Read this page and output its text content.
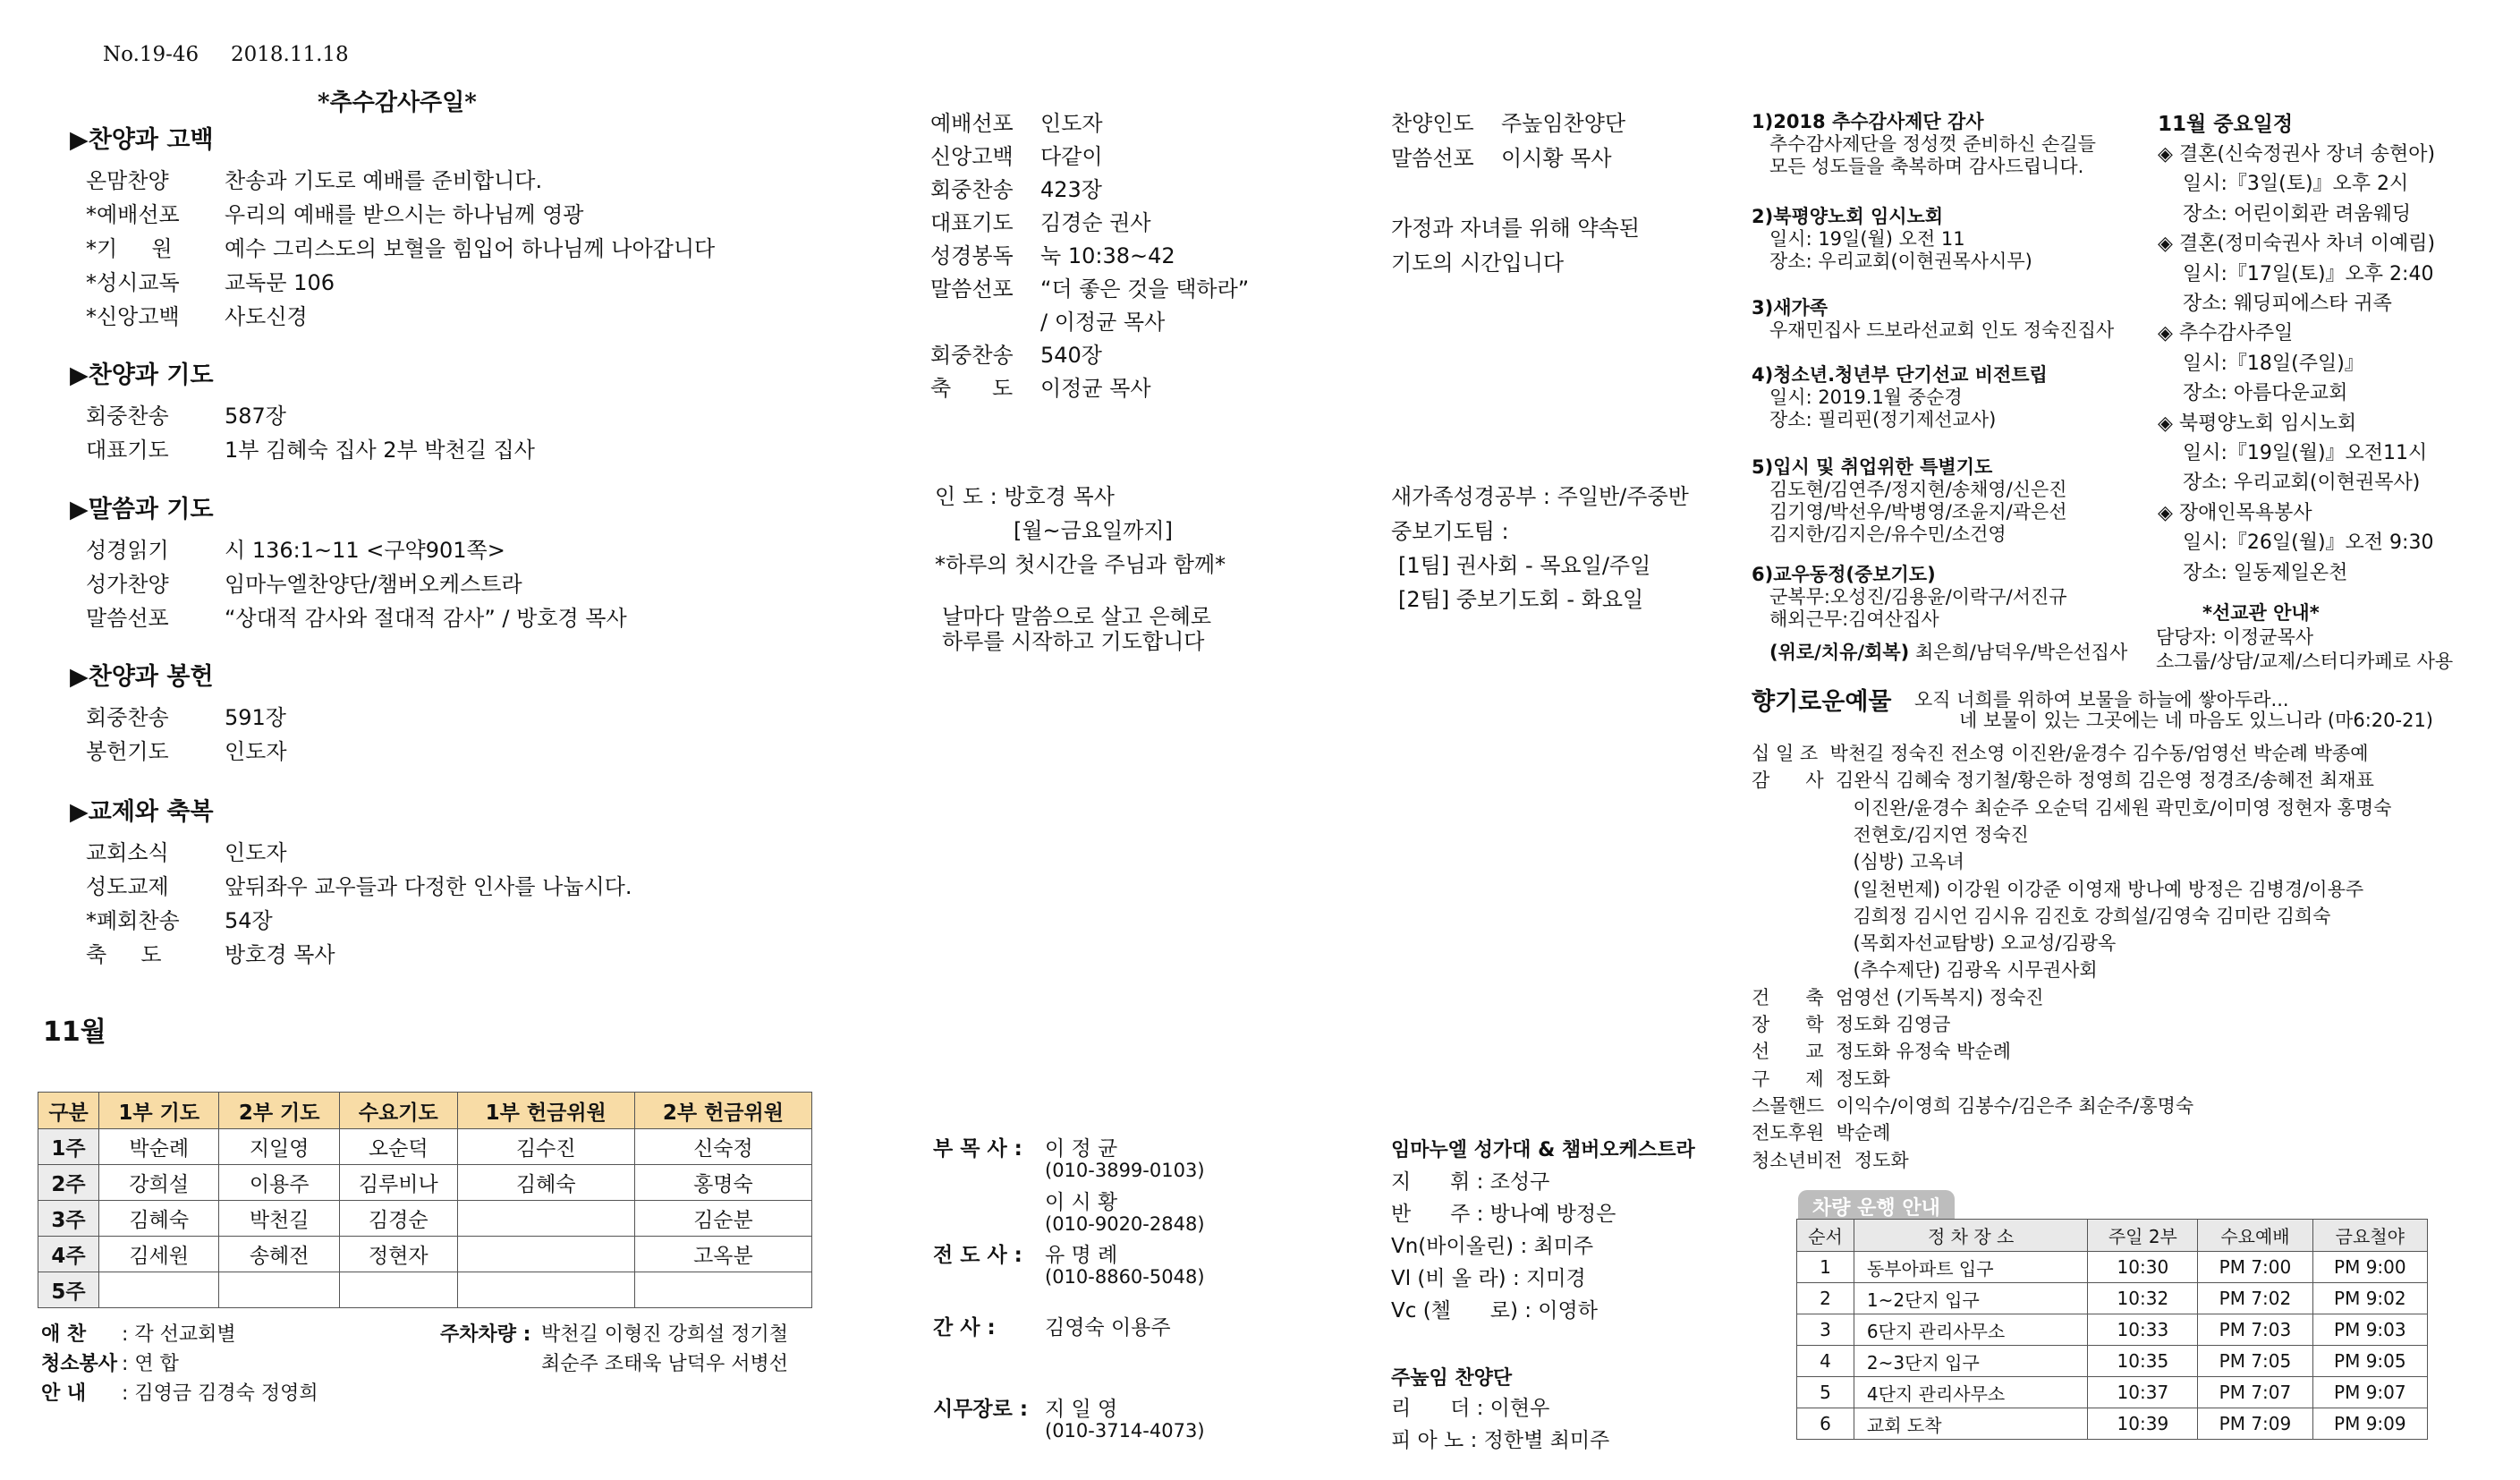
No.19-46 2018.11.18
*추수감사주일*
▶찬양과 고백
온맘찬양	찬송과 기도로 예배를 준비합니다.
*예배선포	우리의 예배를 받으시는 하나님께 영광
*기     원	예수 그리스도의 보혈을 힘입어 하나님께 나아갑니다
*성시교독	교독문 106
*신앙고백	사도신경
▶찬양과 기도
회중찬송	587장
대표기도	1부 김혜숙 집사 2부 박천길 집사
▶말씀과 기도
성경읽기	시 136:1~11 <구약901쪽>
성가찬양	임마누엘찬양단/챔버오케스트라
말씀선포	“상대적 감사와 절대적 감사” / 방호경 목사
▶찬양과 봉헌
회중찬송	591장
봉헌기도	인도자
▶교제와 축복
교회소식	인도자
성도교제	앞뒤좌우 교우들과 다정한 인사를 나눕시다.
*폐회찬송	54장
축     도	방호경 목사
11월
구분	1부 기도	2부 기도	수요기도	1부 헌금위원	2부 헌금위원
1주	박순례	지일영	오순덕	김수진	신숙정
2주	강희설	이용주	김루비나	김혜숙	홍명숙
3주	김혜숙	박천길	김경순		김순분
4주	김세원	송혜전	정현자		고옥분
5주					
애 찬 : 각 선교회별
청소봉사 : 연 합
안 내 : 김영금 김경숙 정영희
주차차량 : 박천길 이형진 강희설 정기철
최순주 조태욱 남덕우 서병선
예배선포	인도자
신앙고백	다같이
회중찬송	423장
대표기도	김경순 권사
성경봉독	눅 10:38~42
말씀선포	“더 좋은 것을 택하라”
/ 이정균 목사
회중찬송	540장
축      도	이정균 목사
인 도 : 방호경 목사
[월~금요일까지]
*하루의 첫시간을 주님과 함께*
날마다 말씀으로 살고 은혜로
하루를 시작하고 기도합니다
부 목 사 : 이 정 균
(010-3899-0103)
이 시 황
(010-9020-2848)
전 도 사 : 유 명 례
(010-8860-5048)
간 사 : 김영숙 이용주
시무장로 : 지 일 영
(010-3714-4073)
찬양인도 주높임찬양단
말씀선포 이시황 목사
가정과 자녀를 위해 약속된
기도의 시간입니다
새가족성경공부 : 주일반/주중반
중보기도팀 :
[1팀] 권사회 - 목요일/주일
[2팀] 중보기도회 - 화요일
임마누엘 성가대 & 챔버오케스트라
지      휘 : 조성구
반      주 : 방나예 방정은
Vn(바이올린) : 최미주
Vl (비 올 라) : 지미경
Vc (첼      로) : 이영하
주높임 찬양단
리      더 : 이현우
피 아 노 : 정한별 최미주
1)2018 추수감사제단 감사
추수감사제단을 정성껏 준비하신 손길들
모든 성도들을 축복하며 감사드립니다.
2)북평양노회 임시노회
일시: 19일(월) 오전 11
장소: 우리교회(이현권목사시무)
3)새가족
우재민집사 드보라선교회 인도 정숙진집사
4)청소년.청년부 단기선교 비전트립
일시: 2019.1월 중순경
장소: 필리핀(정기제선교사)
5)입시 및 취업위한 특별기도
김도현/김연주/정지현/송채영/신은진
김기영/박선우/박병영/조윤지/곽은선
김지한/김지은/유수민/소건영
6)교우동정(중보기도)
군복무:오성진/김용윤/이락구/서진규
해외근무:김여산집사
(위로/치유/회복) 최은희/남덕우/박은선집사
11월 중요일정
◈ 결혼(신숙정권사 장녀 송현아)
일시:『3일(토)』오후 2시
장소: 어린이회관 려움웨딩
◈ 결혼(정미숙권사 차녀 이예림)
일시:『17일(토)』오후 2:40
장소: 웨딩피에스타 귀족
◈ 추수감사주일
일시:『18일(주일)』
장소: 아름다운교회
◈ 북평양노회 임시노회
일시:『19일(월)』오전11시
장소: 우리교회(이현권목사)
◈ 장애인목욕봉사
일시:『26일(월)』오전 9:30
장소: 일동제일온천
*선교관 안내*
담당자: 이정균목사
소그룹/상담/교제/스터디카페로 사용
향기로운예물 오직 너희를 위하여 보물을 하늘에 쌓아두라...
네 보물이 있는 그곳에는 네 마음도 있느니라 (마6:20-21)
십 일 조  박천길 정숙진 전소영 이진완/윤경수 김수동/엄영선 박순례 박종예
감      사  김완식 김혜숙 정기철/황은하 정영희 김은영 정경조/송혜전 최재표
이진완/윤경수 최순주 오순덕 김세원 곽민호/이미영 정현자 홍명숙
전현호/김지연 정숙진
(심방) 고옥녀
(일천번제) 이강원 이강준 이영재 방나예 방정은 김병경/이용주
김희정 김시언 김시유 김진호 강희설/김영숙 김미란 김희숙
(목회자선교탐방) 오교성/김광옥
(추수제단) 김광옥 시무권사회
건      축  엄영선 (기독복지) 정숙진
장      학  정도화 김영금
선      교  정도화 유정숙 박순례
구      제  정도화
스몰핸드  이익수/이영희 김봉수/김은주 최순주/홍명숙
전도후원  박순례
청소년비전  정도화
차량 운행 안내
순서	정 차 장 소	주일 2부	수요예배	금요철야
1	동부아파트 입구	10:30	PM 7:00	PM 9:00
2	1~2단지 입구	10:32	PM 7:02	PM 9:02
3	6단지 관리사무소	10:33	PM 7:03	PM 9:03
4	2~3단지 입구	10:35	PM 7:05	PM 9:05
5	4단지 관리사무소	10:37	PM 7:07	PM 9:07
6	교회 도착	10:39	PM 7:09	PM 9:09
